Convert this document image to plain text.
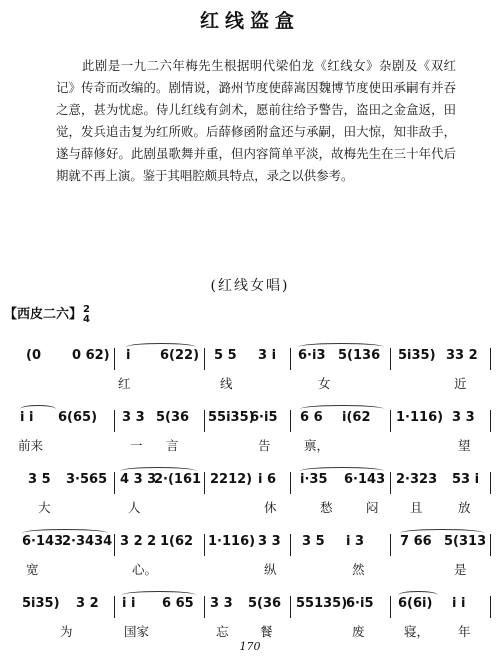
红线盗盒
此剧是一九二六年梅先生根据明代梁伯龙《红线女》杂剧及《双红记》传奇而改编的。剧情说，潞州节度使薛嵩因魏博节度使田承嗣有并吞之意，甚为忧虑。侍儿红线有剑术，愿前往给予警告，盗田之金盒返，田觉，发兵追击复为红所败。后薛修函附盒还与承嗣，田大惊，知非敌手，遂与薛修好。此剧虽歌舞并重，但内容简单平淡，故梅先生在三十年代后期就不再上演。鉴于其唱腔颇具特点，录之以供参考。
(红线女唱)
【西皮二六】 2
4
(0 0 62) i 6(22) 5 5 3 i 6·i3 5(136 5i35) 33 2
红	线	女	近
i i 6(65) 3 3 5(36 55i35)
6·i5 6 6 i(62 1·116) 3 3
前来	一 言	告	禀，	望
3 5 3·565 4 3 3
2·(161 2212) i 6 i·35 6·143 2·323 53 i
大	人	休	愁	闷	且	放
6·143
2·3434 3 2 2 1(62 1·116) 3 3 3 5 i 3	7 66 5(313
宽	心。	纵	然	是
5i35) 3 2 i i 6 65 3 3 5(36 55135)
6·i5 6(6i) i i
为	国家	忘	餐	废	寝， 年
170
